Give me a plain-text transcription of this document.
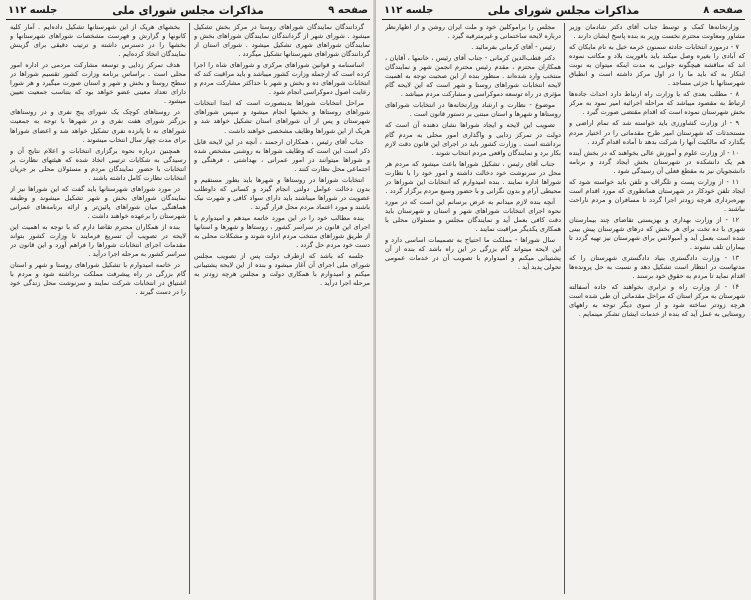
صفحه ۹
مذاکرات مجلس شورای ملی
جلسه ۱۱۲

گردانندگان نمایندگان شوراهای روستا در مرکز بخش تشکیل میشود . شورای شهر از گردانندگان نمایندگان شوراهای بخش و نمایندگان شوراهای شهری تشکیل میشود . شورای استان از گردانندگان شوراهای شهرستانها تشکیل میگردد .

اساسنامه و قوانین شوراهای مرکزی و شوراهای شاه را اجرا کرده است که ازجمله وزارت کشور میباشد و باید مراقبت کند که انتخابات شوراهای ده و بخش و شهر با حداکثر مشارکت مردم و رعایت اصول دموکراسی انجام شود .

مراحل انتخابات شوراها بدینصورت است که ابتدا انتخابات شوراهای روستاها و بخشها انجام میشود و سپس شوراهای شهرستان و پس از آن شوراهای استان تشکیل خواهد شد و هریک از این شوراها وظایف مشخصی خواهند داشت .

جناب آقای رئیس ، همکاران ارجمند ، آنچه در این لایحه قابل ذکر است این است که وظایف شوراها به روشنی مشخص شده و شوراها میتوانند در امور عمرانی ، بهداشتی ، فرهنگی و اجتماعی محل نظارت کنند .

انتخابات شوراها در روستاها و شهرها باید بطور مستقیم و بدون دخالت عوامل دولتی انجام گیرد و کسانی که داوطلب عضویت در شوراها میباشند باید دارای سواد کافی و شهرت نیک باشند و مورد اعتماد مردم محل قرار گیرند .

بنده مطالب خود را در این مورد خاتمه میدهم و امیدوارم با اجرای این قانون در سراسر کشور ، روستاها و شهرها و استانها از طریق شوراهای منتخب مردم اداره شوند و مشکلات محلی به دست خود مردم حل گردد .

جلسه که باشد که ازطرف دولت پس از تصویب مجلس شورای ملی اجرای آن آغاز میشود و بنده از این لایحه پشتیبانی میکنم و امیدوارم با همکاری دولت و مجلس هرچه زودتر به مرحله اجرا درآید .

بخشهای هریک از این شهرستانها تشکیل داده‌ایم . آمار کلیه کانونها و گزارش و فهرست مشخصات شوراهای شهرستانها و بخشها را در دسترس داشته و ترتیب دقیقی برای گزینش نمایندگان اتخاذ کرده‌ایم .

هدف تمرکز زدایی و توسعه مشارکت مردمی در اداره امور محلی است . براساس برنامه وزارت کشور تقسیم شوراها در سطح روستا و بخش و شهر و استان صورت میگیرد و هر شورا دارای تعداد معینی عضو خواهد بود که بتناسب جمعیت تعیین میشود .

در روستاهای کوچک یک شورای پنج نفری و در روستاهای بزرگتر شورای هفت نفری و در شهرها با توجه به جمعیت شوراهای نه تا پانزده نفری تشکیل خواهد شد و اعضای شوراها برای مدت چهار سال انتخاب میشوند .

همچنین درباره نحوه برگزاری انتخابات و اعلام نتایج آن و رسیدگی به شکایات ترتیبی اتخاذ شده که هیئتهای نظارت بر انتخابات با حضور نمایندگان مردم و مسئولان محلی بر جریان انتخابات نظارت کامل داشته باشند .

در مورد شوراهای شهرستانها باید گفت که این شوراها نیز از نمایندگان شوراهای بخش و شهر تشکیل میشوند و وظیفه هماهنگی میان شوراهای پائین‌تر و ارائه برنامه‌های عمرانی شهرستان را برعهده خواهند داشت .

بنده از همکاران محترم تقاضا دارم که با توجه به اهمیت این لایحه در تصویب آن تسریع فرمایند تا وزارت کشور بتواند مقدمات اجرای انتخابات شوراها را فراهم آورد و این قانون در سراسر کشور به مرحله اجرا درآید .

در خاتمه امیدوارم با تشکیل شوراهای روستا و شهر و استان گام بزرگی در راه پیشرفت مملکت برداشته شود و مردم با اشتیاق در انتخابات شرکت نمایند و سرنوشت محل زندگی خود را در دست گیرند .

صفحه ۸
مذاکرات مجلس شورای ملی
جلسه ۱۱۲

وزارتخانه‌ها کمک و توسط جناب آقای دکتر شادمان وزیر مشاور ومعاونت محترم نخست وزیر به بنده پاسخ ایشان دارند .

۷ - درمورد انتخابات حادثه سمنون خرمه خیل به نام مایکان که که آبادی را بغیره وصل میکند باید بافوریت بلاد و مکاتب نموده اند که مناقشه هیچگونه جوابی به مدت اینکه میتوان به نوبت ابتکار به که باید ما را در اول مرکز داشته است و انطباق شهرستانها با جزئی مساجد .

۸ - مطلب بعدی که با وزارت راه ارتباط دارد احداث جاده‌ها ارتباط به مقصود میباشد که مراحله اجرائیه امیر نمود به مرکز بخش شهرستان نموده است که اقدام مقتضی صورت گیرد .

۹ - از وزارت کشاورزی باید خواسته شد که تمام اراضی و مستحدثات که شهرستان امیر طرح مقدماتی را در اختیار مردم بگذارد که مالکیت آنها را شرکت بدهد تا آماده اقدام گردد .

۱۰ - از وزارت علوم و آموزش عالی بخواهند که در بخش آینده هم یک دانشکده در شهرستان بخش ایجاد گردد و برنامه دانشجویان نیز به مقطع فعلی آن رسیدگی شود .

۱۱ - از وزارت پست و تلگراف و تلفن باید خواسته شود که ایجاد تلفن خودکار در شهرستان همانطوری که مورد اقدام است بهره‌برداری هرچه زودتر اجرا گردد تا مسافران و مردم ناراحت نباشند .

۱۲ - از وزارت بهداری و بهزیستی تقاضای چند بیمارستان شهری با ده تخت برای هر بخش که درهای شهرستان پیش بینی شده است بعمل آید و آمبولانس برای شهرستان نیز تهیه گردد تا بیماران تلف نشوند .

۱۳ - وزارت دادگستری بنیاد دادگستری شهرستان را که مدتهاست در انتظار است تشکیل دهد و نسبت به حل پرونده‌ها اقدام نماید تا مردم به حقوق خود برسند .

۱۴ - از وزارت راه و ترابری بخواهند که جاده آسفالته شهرستان به مرکز استان که مراحل مقدماتی آن طی شده است هرچه زودتر ساخته شود و از سوی دیگر توجه به راههای روستایی به عمل آید که بنده از خدمات ایشان تشکر مینمایم .

مجلس را براموکلین خود و ملت ایران روشن و از اظهارنظر درباره لایحه ساختمانی و غیرمترقبه گیرد .

رئیس - آقای کرمانی بفرمائید .

دکتر قطب‌الدین کرمانی - جناب آقای رئیس ، خانمها ، آقایان ، همکاران محترم ، مقدم رئیس محترم انجمن شهر و نمایندگان منتخب وارد شده‌اند . منظور بنده از این صحبت توجه به اهمیت لایحه انتخابات شوراهای روستا و شهر است که این لایحه گام مؤثری در راه توسعه دموکراسی و مشارکت مردم میباشد .

موضوع - نظارت و ارشاد وزارتخانه‌ها در انتخابات شوراهای روستاها و شهرها و استان مبتنی بر دستور قانون است .

تصویب این لایحه و ایجاد شوراها نشان دهنده آن است که دولت در تمرکز زدایی و واگذاری امور محلی به مردم گام برداشته است . وزارت کشور باید در اجرای این قانون دقت لازم بکار برد و نمایندگان واقعی مردم انتخاب شوند .

جناب آقای رئیس ، تشکیل شوراها باعث میشود که مردم هر محل در سرنوشت خود دخالت داشته و امور خود را با نظارت شوراها اداره نمایند . بنده امیدوارم که انتخابات این شوراها در محیطی آرام و بدون نگرانی و با حضور وسیع مردم برگزار گردد .

آنچه بنده لازم میدانم به عرض برسانم این است که در مورد نحوه اجرای انتخابات شوراهای شهر و استان و شهرستان باید دقت کافی بعمل آید و نمایندگان مجلس و مسئولان محلی با همکاری یکدیگر مراقبت نمایند .

سال شوراها - مملکت ما احتیاج به تصمیمات اساسی دارد و این لایحه میتواند گام بزرگی در این راه باشد که بنده از آن پشتیبانی میکنم و امیدوارم با تصویب آن در خدمات عمومی تحولی پدید آید .
